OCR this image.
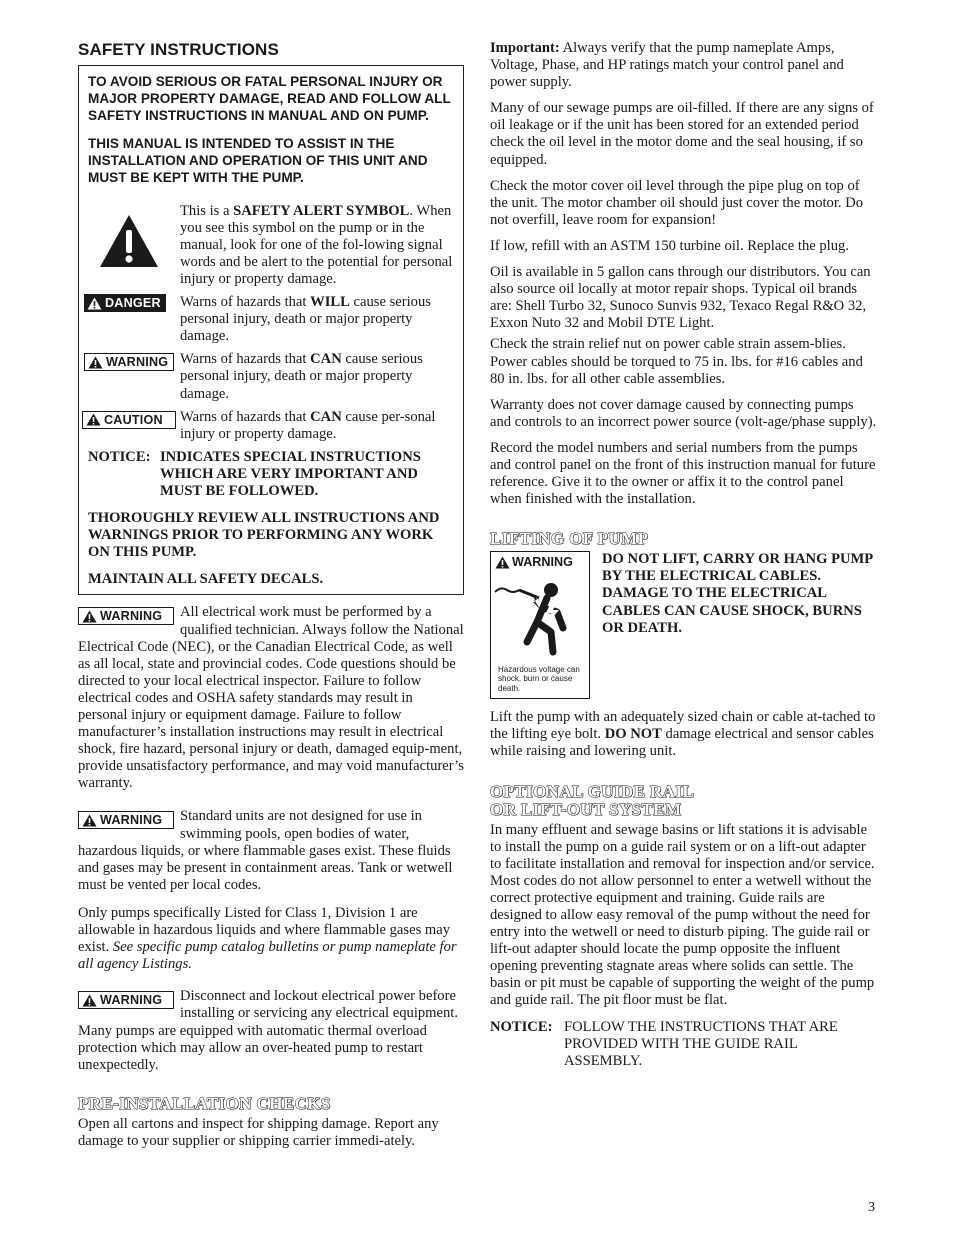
SAFETY INSTRUCTIONS

TO AVOID SERIOUS OR FATAL PERSONAL INJURY OR MAJOR PROPERTY DAMAGE, READ AND FOLLOW ALL SAFETY INSTRUCTIONS IN MANUAL AND ON PUMP.

THIS MANUAL IS INTENDED TO ASSIST IN THE INSTALLATION AND OPERATION OF THIS UNIT AND MUST BE KEPT WITH THE PUMP.

This is a SAFETY ALERT SYMBOL. When you see this symbol on the pump or in the manual, look for one of the fol-lowing signal words and be alert to the potential for personal injury or property damage.
DANGER Warns of hazards that WILL cause serious personal injury, death or major property damage.
WARNING Warns of hazards that CAN cause serious personal injury, death or major property damage.
CAUTION Warns of hazards that CAN cause per-sonal injury or property damage.
NOTICE: INDICATES SPECIAL INSTRUCTIONS WHICH ARE VERY IMPORTANT AND MUST BE FOLLOWED.

THOROUGHLY REVIEW ALL INSTRUCTIONS AND WARNINGS PRIOR TO PERFORMING ANY WORK ON THIS PUMP.

MAINTAIN ALL SAFETY DECALS.

WARNING	All electrical work must be performed by a qualified technician. Always follow the National Electrical Code (NEC), or the Canadian Electrical Code, as well as all local, state and provincial codes. Code questions should be directed to your local electrical inspector. Failure to follow electrical codes and OSHA safety standards may result in personal injury or equipment damage. Failure to follow manufacturer’s installation instructions may result in electrical shock, fire hazard, personal injury or death, damaged equip-ment, provide unsatisfactory performance, and may void manufacturer’s warranty.

WARNING	Standard units are not designed for use in swimming pools, open bodies of water, hazardous liquids, or where flammable gases exist. These fluids and gases may be present in containment areas. Tank or wetwell must be vented per local codes.

Only pumps specifically Listed for Class 1, Division 1 are allowable in hazardous liquids and where flammable gases may exist. See specific pump catalog bulletins or pump nameplate for all agency Listings.

WARNING	Disconnect and lockout electrical power before installing or servicing any electrical equipment. Many pumps are equipped with automatic thermal overload protection which may allow an over-heated pump to restart unexpectedly.

PRE-INSTALLATION CHECKS

Open all cartons and inspect for shipping damage. Report any damage to your supplier or shipping carrier immedi-ately.

Important: Always verify that the pump nameplate Amps, Voltage, Phase, and HP ratings match your control panel and power supply.

Many of our sewage pumps are oil-filled. If there are any signs of oil leakage or if the unit has been stored for an extended period check the oil level in the motor dome and the seal housing, if so equipped.

Check the motor cover oil level through the pipe plug on top of the unit. The motor chamber oil should just cover the motor. Do not overfill, leave room for expansion!

If low, refill with an ASTM 150 turbine oil. Replace the plug.

Oil is available in 5 gallon cans through our distributors. You can also source oil locally at motor repair shops. Typical oil brands are: Shell Turbo 32, Sunoco Sunvis 932, Texaco Regal R&O 32, Exxon Nuto 32 and Mobil DTE Light.

Check the strain relief nut on power cable strain assem-blies. Power cables should be torqued to 75 in. lbs. for #16 cables and 80 in. lbs. for all other cable assemblies.

Warranty does not cover damage caused by connecting pumps and controls to an incorrect power source (volt-age/phase supply).

Record the model numbers and serial numbers from the pumps and control panel on the front of this instruction manual for future reference. Give it to the owner or affix it to the control panel when finished with the installation.

LIFTING OF PUMP
WARNING
Hazardous voltage can shock, burn or cause death.
DO NOT LIFT, CARRY OR HANG PUMP BY THE ELECTRICAL CABLES. DAMAGE TO THE ELECTRICAL CABLES CAN CAUSE SHOCK, BURNS OR DEATH.

Lift the pump with an adequately sized chain or cable at-tached to the lifting eye bolt. DO NOT damage electrical and sensor cables while raising and lowering unit.

OPTIONAL GUIDE RAIL
OR LIFT-OUT SYSTEM

In many effluent and sewage basins or lift stations it is advisable to install the pump on a guide rail system or on a lift-out adapter to facilitate installation and removal for inspection and/or service. Most codes do not allow personnel to enter a wetwell without the correct protective equipment and training. Guide rails are designed to allow easy removal of the pump without the need for entry into the wetwell or need to disturb piping. The guide rail or lift-out adapter should locate the pump opposite the influent opening preventing stagnate areas where solids can settle. The basin or pit must be capable of supporting the weight of the pump and guide rail. The pit floor must be flat.

NOTICE: FOLLOW THE INSTRUCTIONS THAT ARE PROVIDED WITH THE GUIDE RAIL ASSEMBLY.
3
